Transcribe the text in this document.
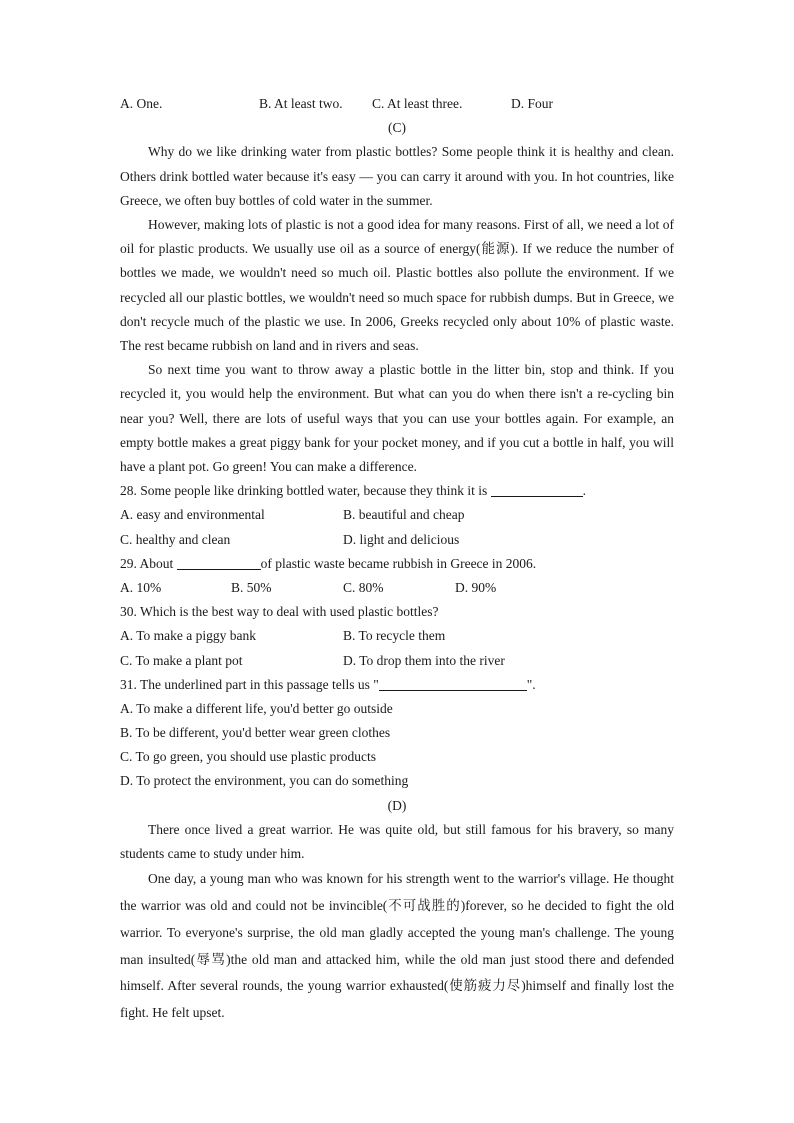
A. One.	B. At least two. C. At least three.	D. Four
(C)

Why do we like drinking water from plastic bottles? Some people think it is healthy and clean. Others drink bottled water because it's easy — you can carry it around with you. In hot countries, like Greece, we often buy bottles of cold water in the summer.

However, making lots of plastic is not a good idea for many reasons. First of all, we need a lot of oil for plastic products. We usually use oil as a source of energy(能源). If we reduce the number of bottles we made, we wouldn't need so much oil. Plastic bottles also pollute the environment. If we recycled all our plastic bottles, we wouldn't need so much space for rubbish dumps. But in Greece, we don't recycle much of the plastic we use. In 2006, Greeks recycled only about 10% of plastic waste. The rest became rubbish on land and in rivers and seas.

So next time you want to throw away a plastic bottle in the litter bin, stop and think. If you recycled it, you would help the environment. But what can you do when there isn't a re-cycling bin near you? Well, there are lots of useful ways that you can use your bottles again. For example, an empty bottle makes a great piggy bank for your pocket money, and if you cut a bottle in half, you will have a plant pot. Go green! You can make a difference.

28. Some people like drinking bottled water, because they think it is	.
A. easy and environmental	B. beautiful and cheap
C. healthy and clean	D. light and delicious
29. About	of plastic waste became rubbish in Greece in 2006.
A. 10%	B. 50%	C. 80%	D. 90%
30. Which is the best way to deal with used plastic bottles?
A. To make a piggy bank	B. To recycle them
C. To make a plant pot	D. To drop them into the river
31. The underlined part in this passage tells us "	".
A. To make a different life, you'd better go outside
B. To be different, you'd better wear green clothes
C. To go green, you should use plastic products
D. To protect the environment, you can do something
(D)

There once lived a great warrior. He was quite old, but still famous for his bravery, so many students came to study under him.

One day, a young man who was known for his strength went to the warrior's village. He thought the warrior was old and could not be invincible(不可战胜的)forever, so he decided to fight the old warrior. To everyone's surprise, the old man gladly accepted the young man's challenge. The young man insulted(辱骂)the old man and attacked him, while the old man just stood there and defended himself. After several rounds, the young warrior exhausted(使筋疲力尽)himself and finally lost the fight. He felt upset.
